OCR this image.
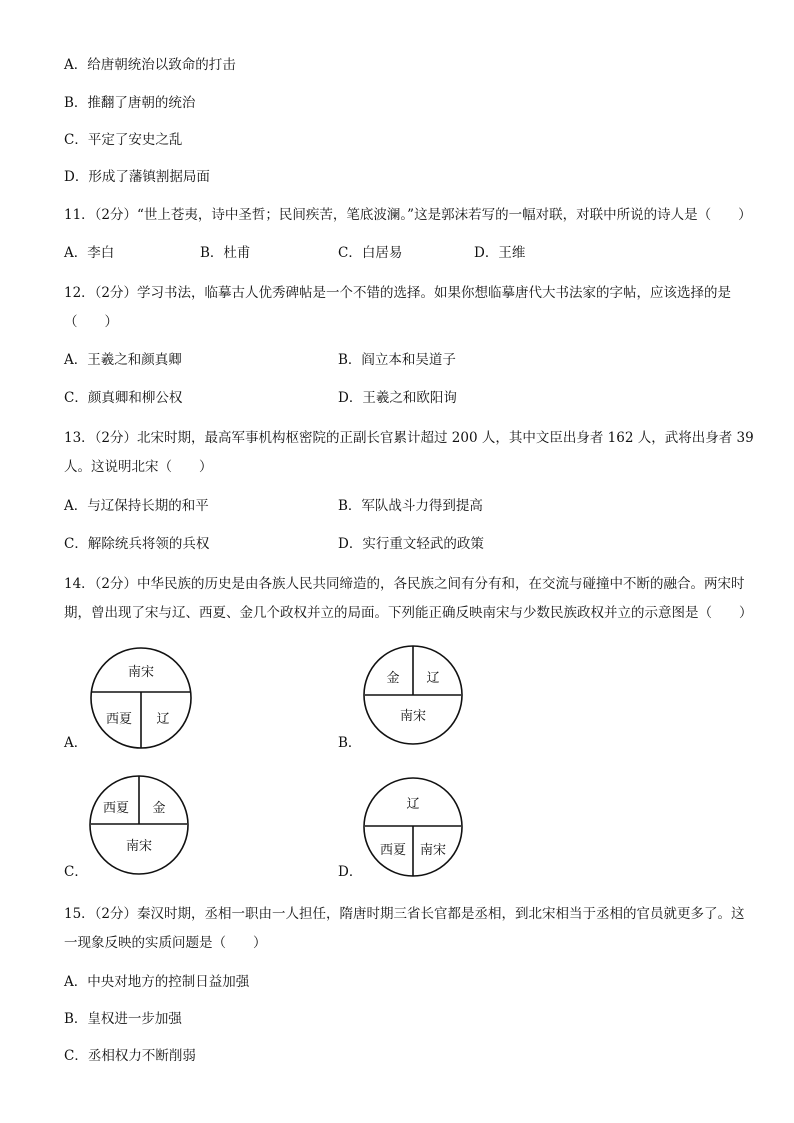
A．给唐朝统治以致命的打击
B．推翻了唐朝的统治
C．平定了安史之乱
D．形成了藩镇割据局面
11．（2分）“世上苍夷，诗中圣哲；民间疾苦，笔底波澜。”这是郭沫若写的一幅对联，对联中所说的诗人是（　　）
A．李白	B．杜甫	C．白居易	D．王维
12．（2分）学习书法，临摹古人优秀碑帖是一个不错的选择。如果你想临摹唐代大书法家的字帖，应该选择的是
（　　）
A．王羲之和颜真卿	B．阎立本和吴道子
C．颜真卿和柳公权	D．王羲之和欧阳询
13．（2分）北宋时期，最高军事机构枢密院的正副长官累计超过 200 人，其中文臣出身者 162 人，武将出身者 39
人。这说明北宋（　　）
A．与辽保持长期的和平	B．军队战斗力得到提高
C．解除统兵将领的兵权	D．实行重文轻武的政策
14．（2分）中华民族的历史是由各族人民共同缔造的，各民族之间有分有和，在交流与碰撞中不断的融合。两宋时
期，曾出现了宋与辽、西夏、金几个政权并立的局面。下列能正确反映南宋与少数民族政权并立的示意图是（　　）
A．	B．
C．	D．
南宋
西夏 辽
金 辽
南宋
西夏 金
南宋
辽
西夏 南宋
15．（2分）秦汉时期，丞相一职由一人担任，隋唐时期三省长官都是丞相，到北宋相当于丞相的官员就更多了。这
一现象反映的实质问题是（　　）
A．中央对地方的控制日益加强
B．皇权进一步加强
C．丞相权力不断削弱
